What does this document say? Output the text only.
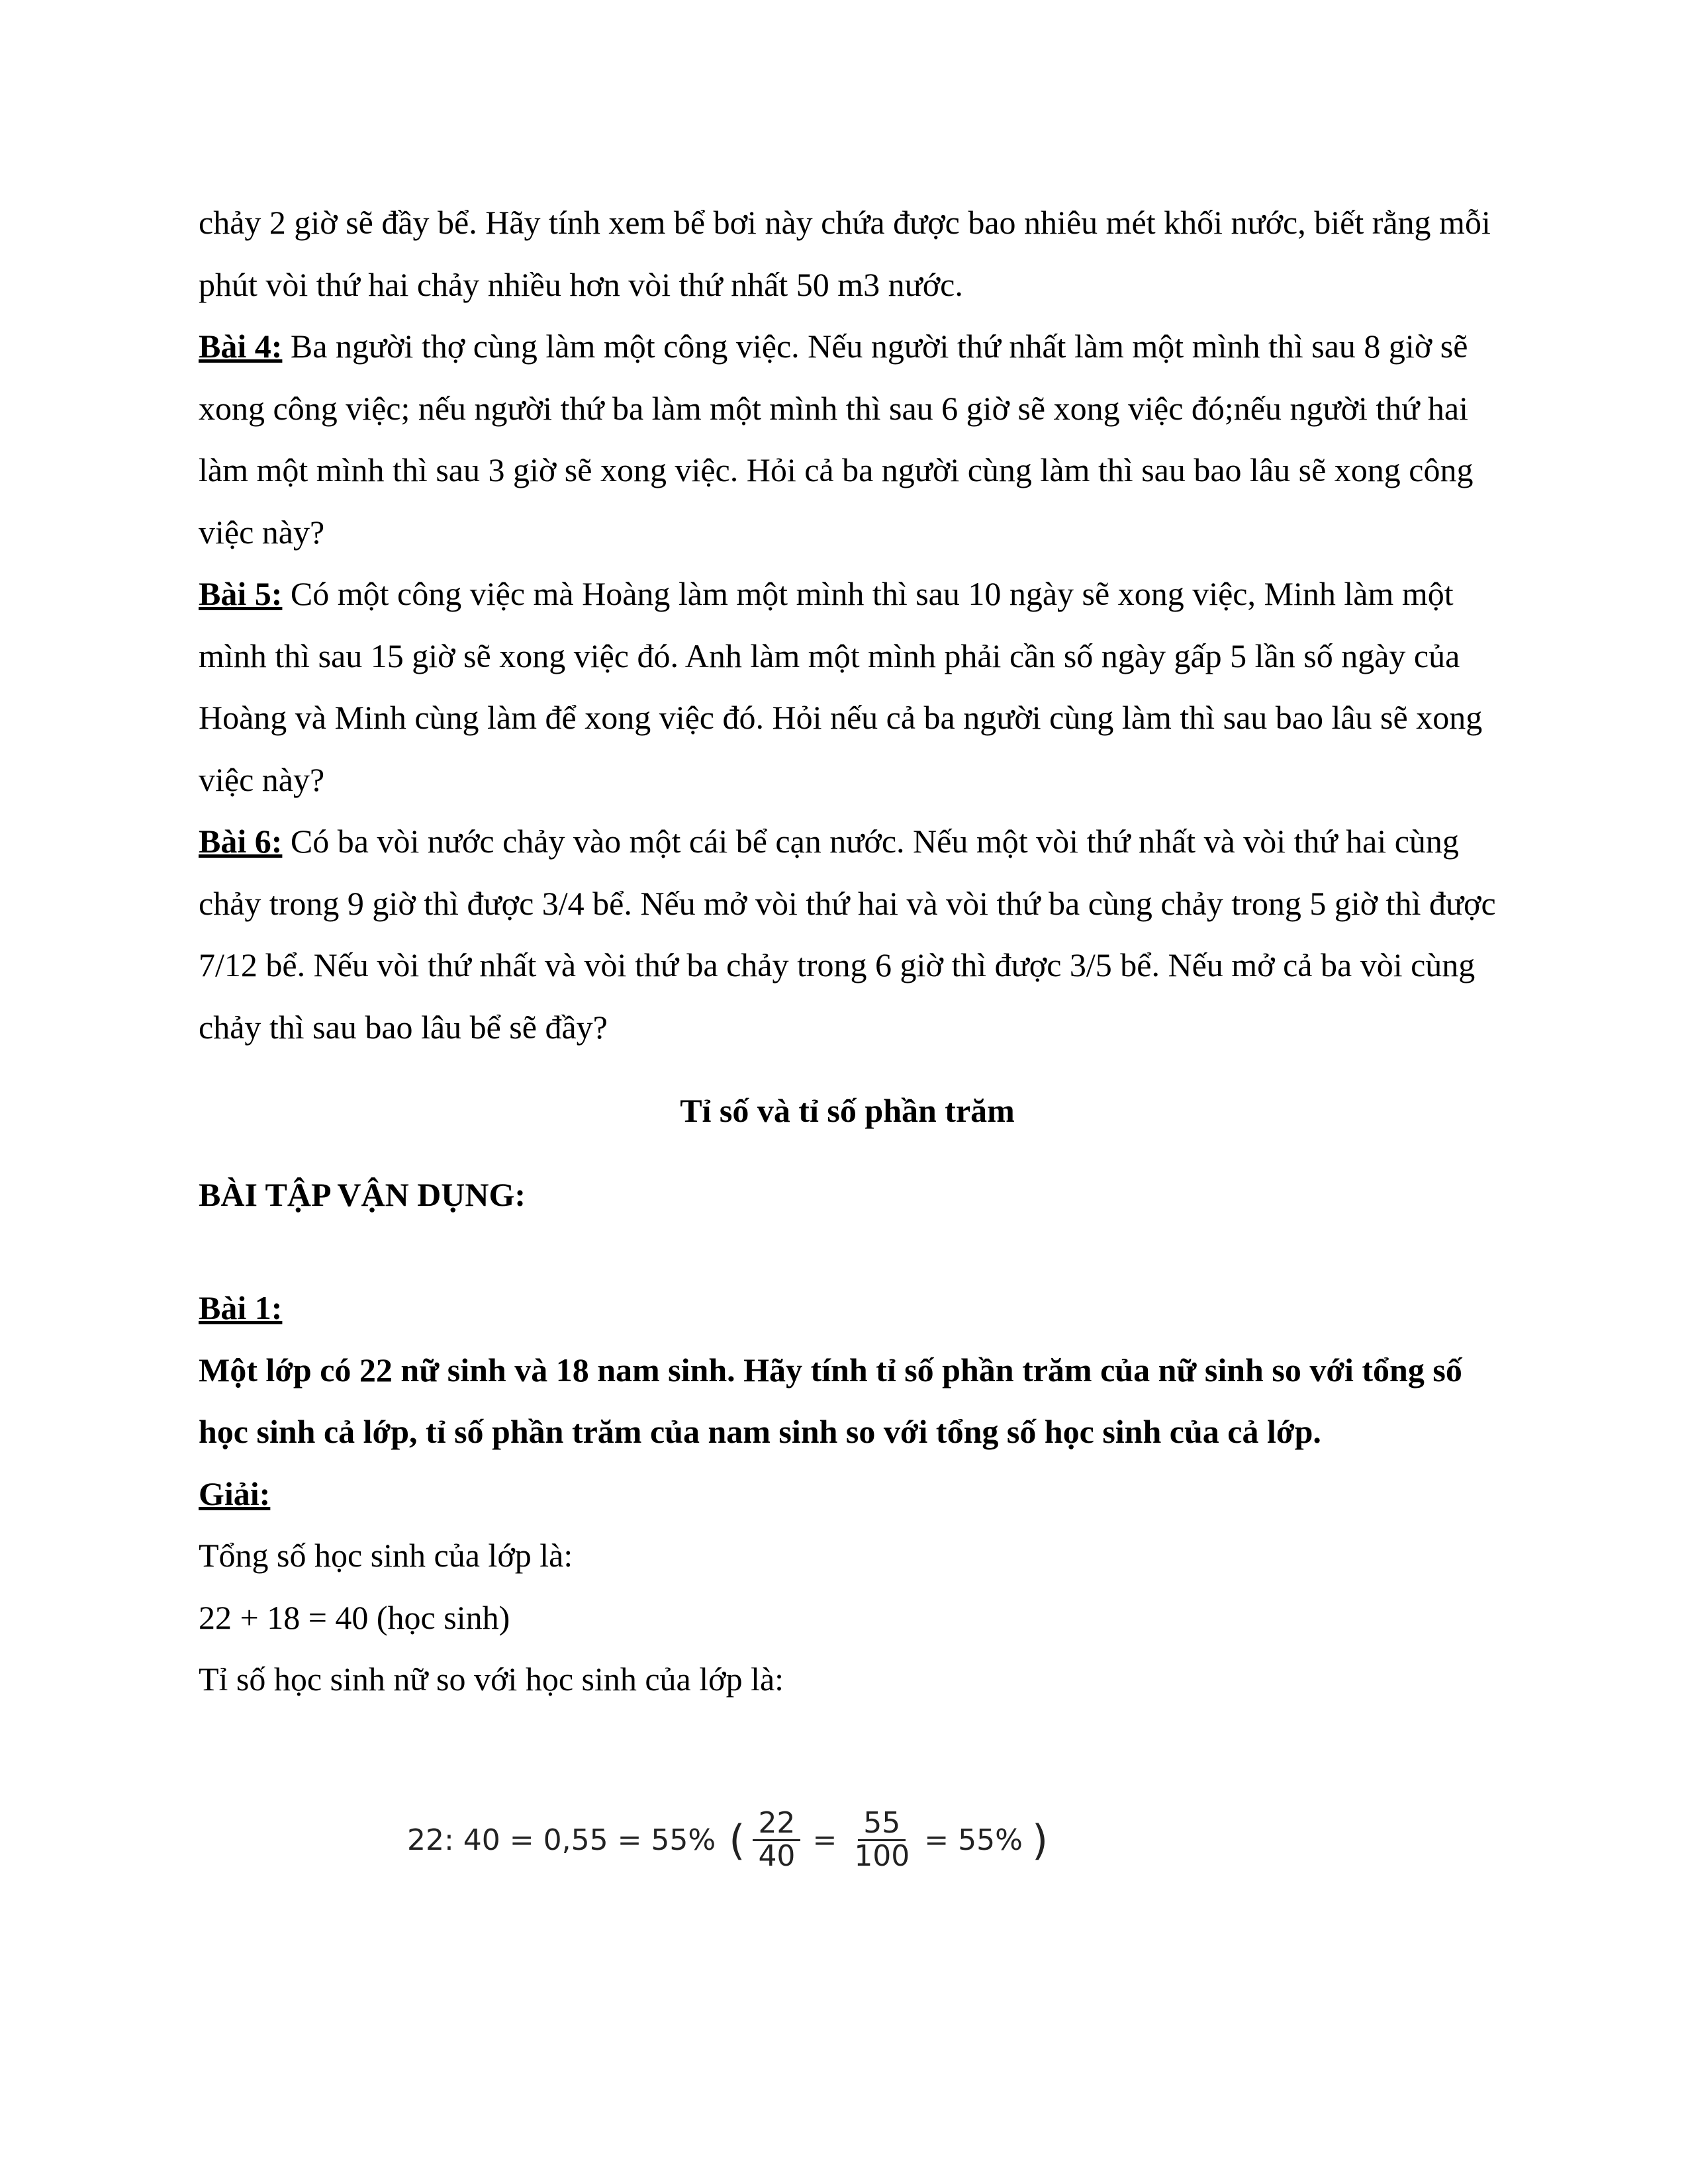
chảy 2 giờ sẽ đầy bể. Hãy tính xem bể bơi này chứa được bao nhiêu mét khối nước, biết rằng mỗi phút vòi thứ hai chảy nhiều hơn vòi thứ nhất 50 m3 nước.

Bài 4: Ba người thợ cùng làm một công việc. Nếu người thứ nhất làm một mình thì sau 8 giờ sẽ xong công việc; nếu người thứ ba làm một mình thì sau 6 giờ sẽ xong việc đó;nếu người thứ hai làm một mình thì sau 3 giờ sẽ xong việc. Hỏi cả ba người cùng làm thì sau bao lâu sẽ xong công việc này?

Bài 5: Có một công việc mà Hoàng làm một mình thì sau 10 ngày sẽ xong việc, Minh làm một mình thì sau 15 giờ sẽ xong việc đó. Anh làm một mình phải cần số ngày gấp 5 lần số ngày của Hoàng và Minh cùng làm để xong việc đó. Hỏi nếu cả ba người cùng làm thì sau bao lâu sẽ xong việc này?

Bài 6: Có ba vòi nước chảy vào một cái bể cạn nước. Nếu một vòi thứ nhất và vòi thứ hai cùng chảy trong 9 giờ thì được 3/4 bể. Nếu mở vòi thứ hai và vòi thứ ba cùng chảy trong 5 giờ thì được 7/12 bể. Nếu vòi thứ nhất và vòi thứ ba chảy trong 6 giờ thì được 3/5 bể. Nếu mở cả ba vòi cùng chảy thì sau bao lâu bể sẽ đầy?

Tỉ số và tỉ số phần trăm

BÀI TẬP VẬN DỤNG:

Bài 1:

Một lớp có 22 nữ sinh và 18 nam sinh. Hãy tính tỉ số phần trăm của nữ sinh so với tổng số học sinh cả lớp, tỉ số phần trăm của nam sinh so với tổng số học sinh của cả lớp.

Giải:

Tổng số học sinh của lớp là:

22 + 18 = 40 (học sinh)

Tỉ số học sinh nữ so với học sinh của lớp là:

22: 40 = 0,55 = 55% ( $\frac{22}{40} = \frac{55}{100} = 55\%$ )
